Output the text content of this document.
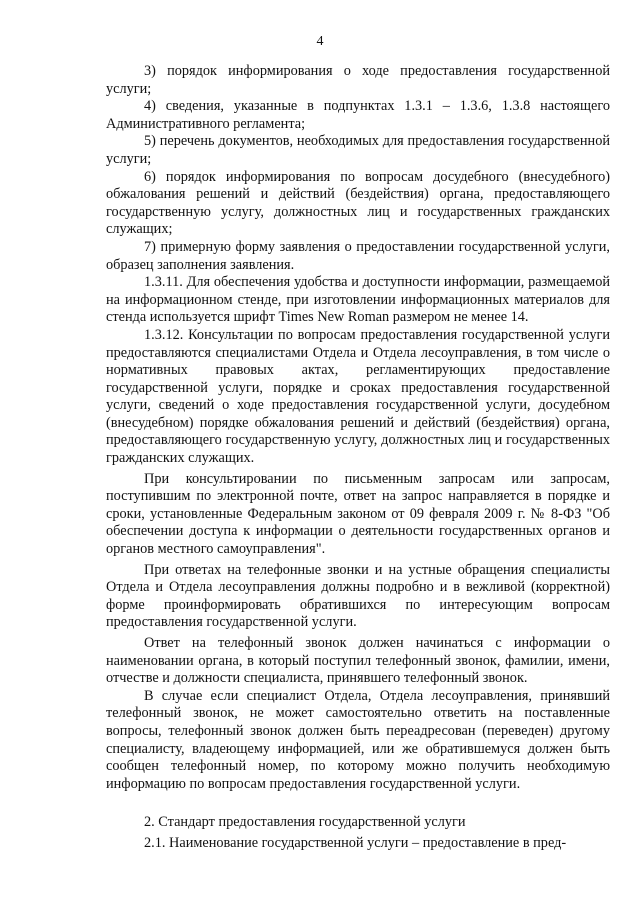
4

3) порядок информирования о ходе предоставления государственной услуги;

4) сведения, указанные в подпунктах 1.3.1 – 1.3.6, 1.3.8 настоящего Административного регламента;

5) перечень документов, необходимых для предоставления государственной услуги;

6) порядок информирования по вопросам досудебного (внесудебного) обжалования решений и действий (бездействия) органа, предоставляющего государственную услугу, должностных лиц и государственных гражданских служащих;

7) примерную форму заявления о предоставлении государственной услуги, образец заполнения заявления.

1.3.11. Для обеспечения удобства и доступности информации, размещаемой на информационном стенде, при изготовлении информационных материалов для стенда используется шрифт Times New Roman размером не менее 14.

1.3.12. Консультации по вопросам предоставления государственной услуги предоставляются специалистами Отдела и Отдела лесоуправления, в том числе о нормативных правовых актах, регламентирующих предоставление государственной услуги, порядке и сроках предоставления государственной услуги, сведений о ходе предоставления государственной услуги, досудебном (внесудебном) порядке обжалования решений и действий (бездействия) органа, предоставляющего государственную услугу, должностных лиц и государственных гражданских служащих.

При консультировании по письменным запросам или запросам, поступившим по электронной почте, ответ на запрос направляется в порядке и сроки, установленные Федеральным законом от 09 февраля 2009 г. № 8-ФЗ "Об обеспечении доступа к информации о деятельности государственных органов и органов местного самоуправления".

При ответах на телефонные звонки и на устные обращения специалисты Отдела и Отдела лесоуправления должны подробно и в вежливой (корректной) форме проинформировать обратившихся по интересующим вопросам предоставления государственной услуги.

Ответ на телефонный звонок должен начинаться с информации о наименовании органа, в который поступил телефонный звонок, фамилии, имени, отчестве и должности специалиста, принявшего телефонный звонок.

В случае если специалист Отдела, Отдела лесоуправления, принявший телефонный звонок, не может самостоятельно ответить на поставленные вопросы, телефонный звонок должен быть переадресован (переведен) другому специалисту, владеющему информацией, или же обратившемуся должен быть сообщен телефонный номер, по которому можно получить необходимую информацию по вопросам предоставления государственной услуги.

2. Стандарт предоставления государственной услуги

2.1. Наименование государственной услуги – предоставление в пред-
